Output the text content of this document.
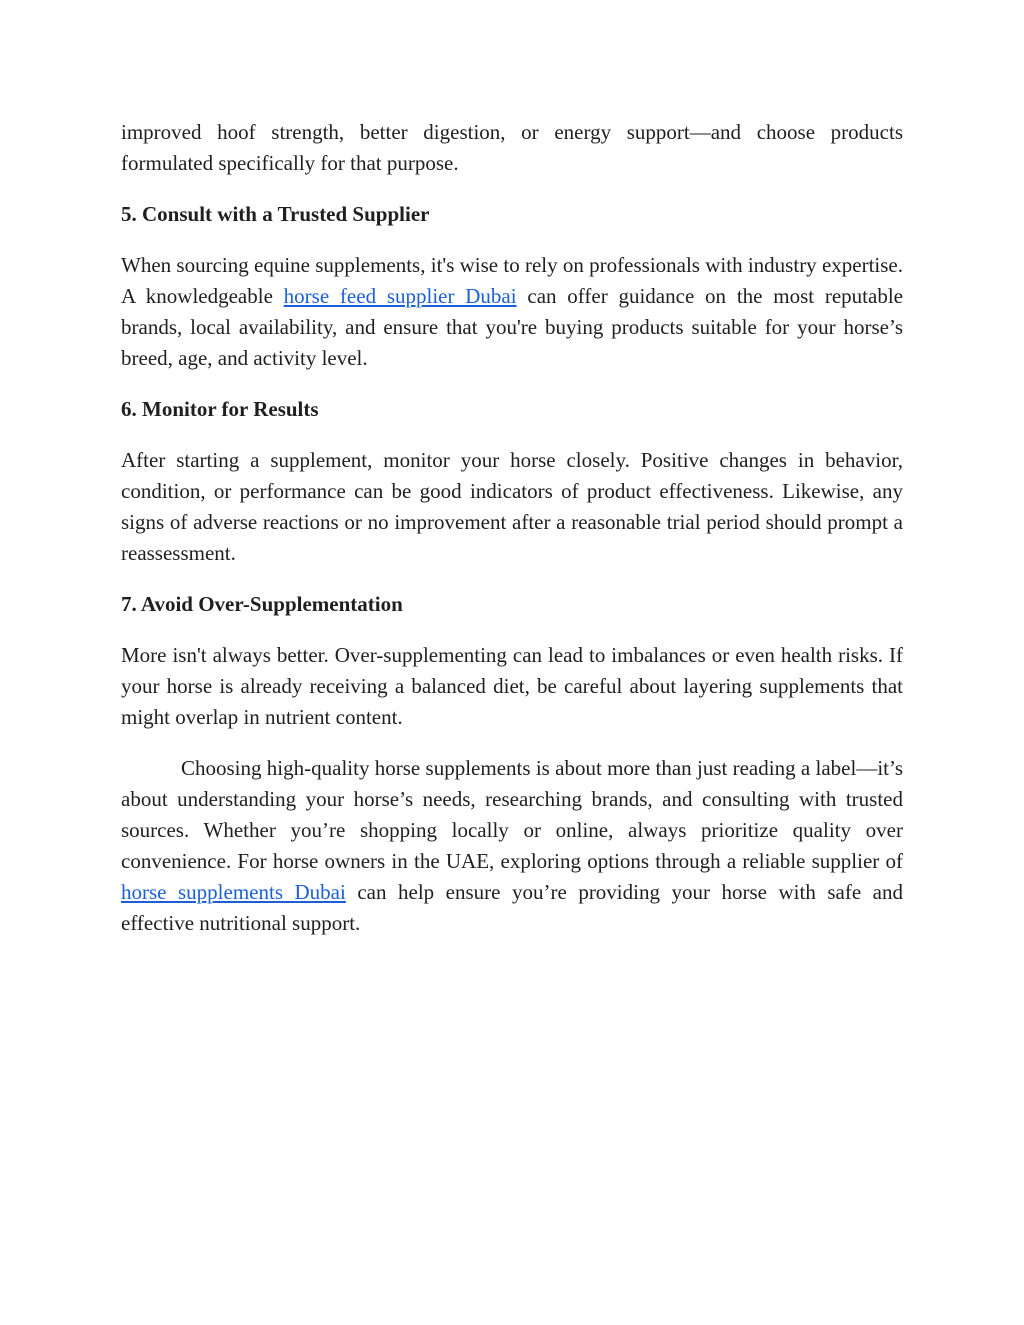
improved hoof strength, better digestion, or energy support—and choose products formulated specifically for that purpose.

5. Consult with a Trusted Supplier

When sourcing equine supplements, it's wise to rely on professionals with industry expertise. A knowledgeable horse feed supplier Dubai can offer guidance on the most reputable brands, local availability, and ensure that you're buying products suitable for your horse’s breed, age, and activity level.

6. Monitor for Results

After starting a supplement, monitor your horse closely. Positive changes in behavior, condition, or performance can be good indicators of product effectiveness. Likewise, any signs of adverse reactions or no improvement after a reasonable trial period should prompt a reassessment.

7. Avoid Over-Supplementation

More isn't always better. Over-supplementing can lead to imbalances or even health risks. If your horse is already receiving a balanced diet, be careful about layering supplements that might overlap in nutrient content.

Choosing high-quality horse supplements is about more than just reading a label—it’s about understanding your horse’s needs, researching brands, and consulting with trusted sources. Whether you’re shopping locally or online, always prioritize quality over convenience. For horse owners in the UAE, exploring options through a reliable supplier of horse supplements Dubai can help ensure you’re providing your horse with safe and effective nutritional support.
